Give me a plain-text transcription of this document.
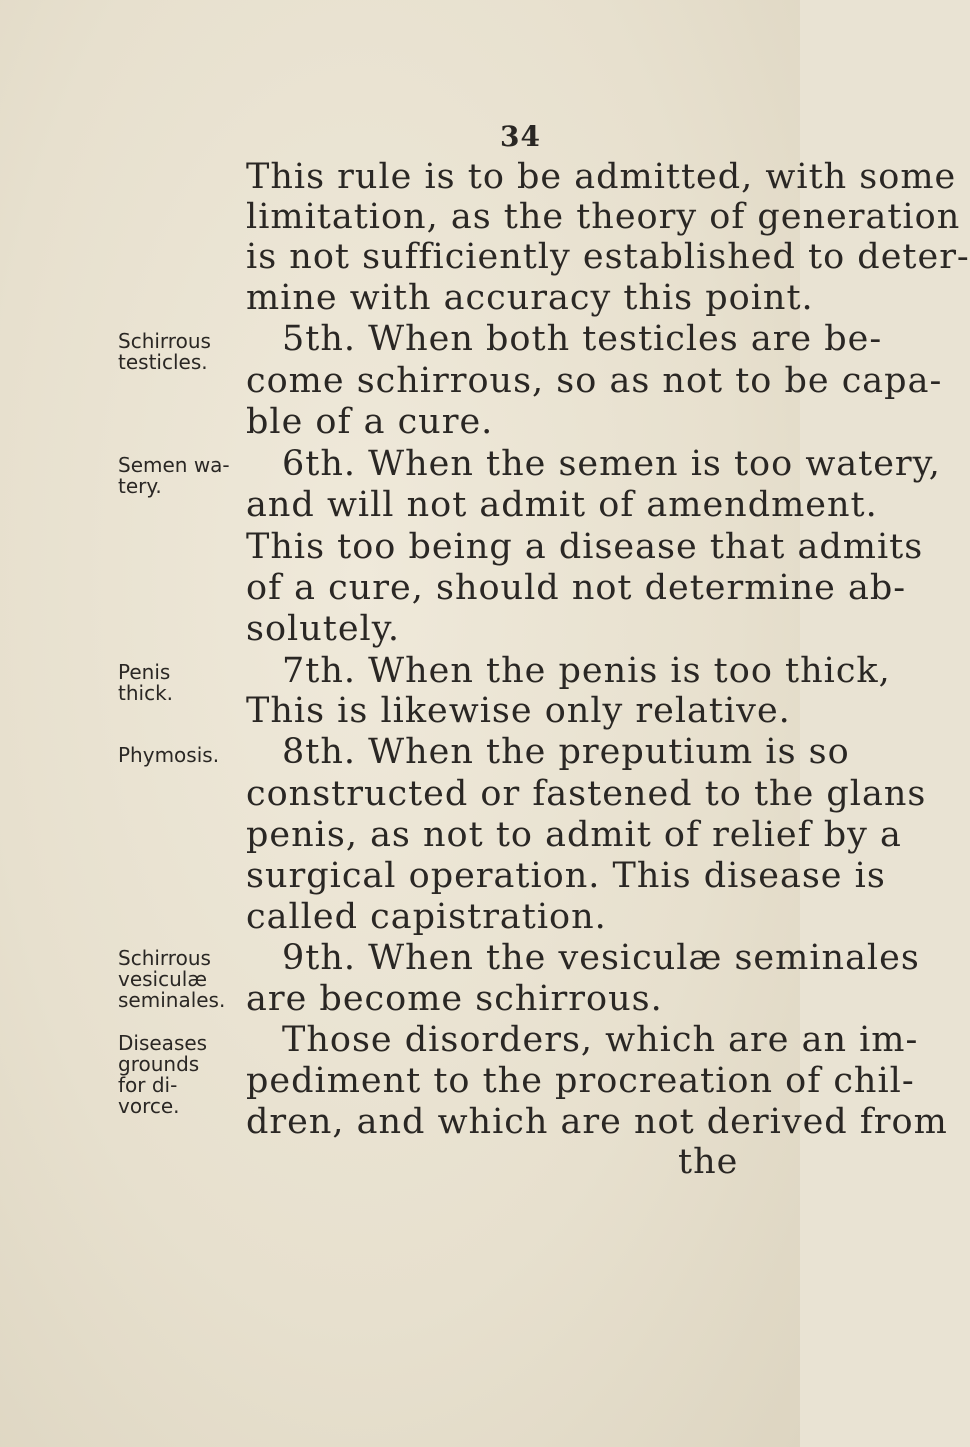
34
This rule is to be admitted, with some
limitation, as the theory of generation
is not sufficiently established to deter-
mine with accuracy this point.
5th. When both testicles are be-
come schirrous, so as not to be capa-
ble of a cure.
6th. When the semen is too watery,
and will not admit of amendment.
This too being a disease that admits
of a cure, should not determine ab-
solutely.
7th. When the penis is too thick,
This is likewise only relative.
8th. When the preputium is so
constructed or fastened to the glans
penis, as not to admit of relief by a
surgical operation. This disease is
called capistration.
9th. When the vesiculæ seminales
are become schirrous.
Those disorders, which are an im-
pediment to the procreation of chil-
dren, and which are not derived from
the
Schirrous
testicles.
Semen wa-
tery.
Penis
thick.
Phymosis.
Schirrous
vesiculæ
seminales.
Diseases
grounds
for di-
vorce.
